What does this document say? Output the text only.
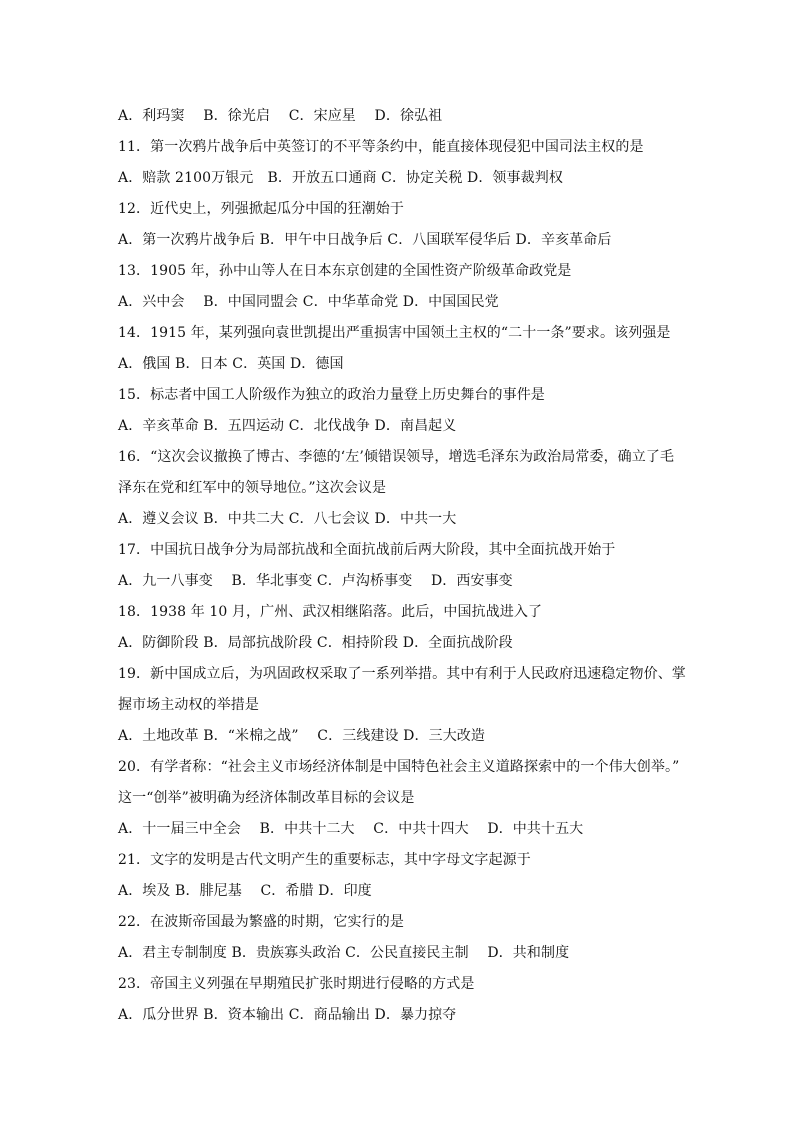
A．利玛窦　 B．徐光启　 C．宋应星　 D．徐弘祖
11．第一次鸦片战争后中英签订的不平等条约中，能直接体现侵犯中国司法主权的是
A．赔款 2100万银元　B．开放五口通商 C．协定关税 D．领事裁判权
12．近代史上，列强掀起瓜分中国的狂潮始于
A．第一次鸦片战争后 B．甲午中日战争后 C．八国联军侵华后 D．辛亥革命后
13．1905 年，孙中山等人在日本东京创建的全国性资产阶级革命政党是
A．兴中会　 B．中国同盟会 C．中华革命党 D．中国国民党
14．1915 年，某列强向袁世凯提出严重损害中国领土主权的“二十一条”要求。该列强是
A．俄国 B．日本 C．英国 D．德国
15．标志者中国工人阶级作为独立的政治力量登上历史舞台的事件是
A．辛亥革命 B．五四运动 C．北伐战争 D．南昌起义
16．“这次会议撤换了博古、李德的‘左’倾错误领导，增选毛泽东为政治局常委，确立了毛
泽东在党和红军中的领导地位。”这次会议是
A．遵义会议 B．中共二大 C．八七会议 D．中共一大
17．中国抗日战争分为局部抗战和全面抗战前后两大阶段，其中全面抗战开始于
A．九一八事变　 B．华北事变 C．卢沟桥事变　 D．西安事变
18．1938 年 10 月，广州、武汉相继陷落。此后，中国抗战进入了
A．防御阶段 B．局部抗战阶段 C．相持阶段 D．全面抗战阶段
19．新中国成立后，为巩固政权采取了一系列举措。其中有利于人民政府迅速稳定物价、掌
握市场主动权的举措是
A．土地改革 B．“米棉之战”　 C．三线建设 D．三大改造
20．有学者称：“社会主义市场经济体制是中国特色社会主义道路探索中的一个伟大创举。”
这一“创举”被明确为经济体制改革目标的会议是
A．十一届三中全会　 B．中共十二大　 C．中共十四大　 D．中共十五大
21．文字的发明是古代文明产生的重要标志，其中字母文字起源于
A．埃及 B．腓尼基　 C．希腊 D．印度
22．在波斯帝国最为繁盛的时期，它实行的是
A．君主专制制度 B．贵族寡头政治 C．公民直接民主制　 D．共和制度
23．帝国主义列强在早期殖民扩张时期进行侵略的方式是
A．瓜分世界 B．资本输出 C．商品输出 D．暴力掠夺
